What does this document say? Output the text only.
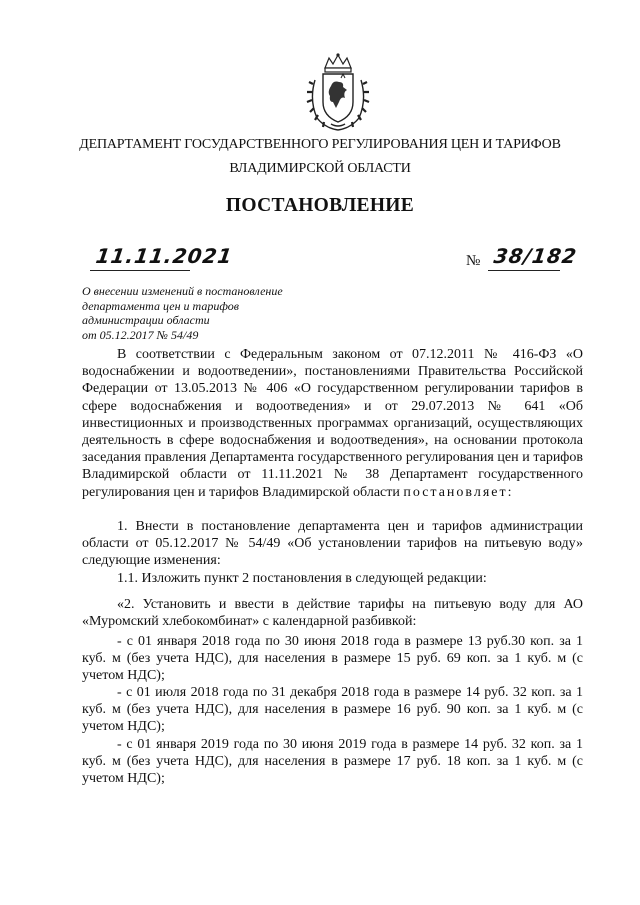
ДЕПАРТАМЕНТ ГОСУДАРСТВЕННОГО РЕГУЛИРОВАНИЯ ЦЕН И ТАРИФОВ
ВЛАДИМИРСКОЙ ОБЛАСТИ
ПОСТАНОВЛЕНИЕ
11.11.2021	№ 38/182
О внесении изменений в постановление
департамента цен и тарифов
администрации области
от 05.12.2017 № 54/49
В соответствии с Федеральным законом от 07.12.2011 № 416-ФЗ «О водоснабжении и водоотведении», постановлениями Правительства Российской Федерации от 13.05.2013 № 406 «О государственном регулировании тарифов в сфере водоснабжения и водоотведения» и от 29.07.2013 № 641 «Об инвестиционных и производственных программах организаций, осуществляющих деятельность в сфере водоснабжения и водоотведения», на основании протокола заседания правления Департамента государственного регулирования цен и тарифов Владимирской области от 11.11.2021 № 38 Департамент государственного регулирования цен и тарифов Владимирской области постановляет:
1. Внести в постановление департамента цен и тарифов администрации области от 05.12.2017 № 54/49 «Об установлении тарифов на питьевую воду» следующие изменения:
1.1. Изложить пункт 2 постановления в следующей редакции:
«2. Установить и ввести в действие тарифы на питьевую воду для АО «Муромский хлебокомбинат» с календарной разбивкой:
- с 01 января 2018 года по 30 июня 2018 года в размере 13 руб.30 коп. за 1 куб. м (без учета НДС), для населения в размере 15 руб. 69 коп. за 1 куб. м (с учетом НДС);
- с 01 июля 2018 года по 31 декабря 2018 года в размере 14 руб. 32 коп. за 1 куб. м (без учета НДС), для населения в размере 16 руб. 90 коп. за 1 куб. м (с учетом НДС);
- с 01 января 2019 года по 30 июня 2019 года в размере 14 руб. 32 коп. за 1 куб. м (без учета НДС), для населения в размере 17 руб. 18 коп. за 1 куб. м (с учетом НДС);
